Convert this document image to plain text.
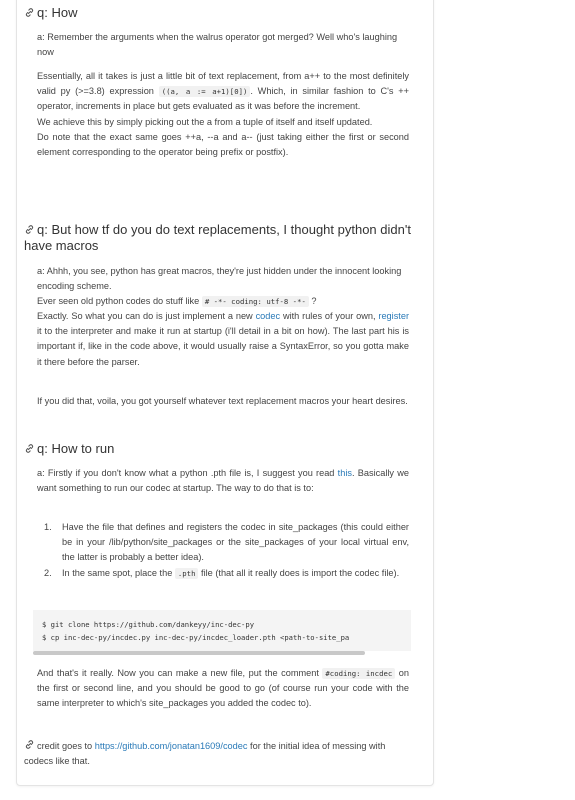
q: How
a: Remember the arguments when the walrus operator got merged? Well who's laughing now
Essentially, all it takes is just a little bit of text replacement, from a++ to the most definitely valid py (>=3.8) expression ((a, a := a+1)[0]) . Which, in similar fashion to C's ++ operator, increments in place but gets evaluated as it was before the increment.
We achieve this by simply picking out the a from a tuple of itself and itself updated.
Do note that the exact same goes ++a, --a and a-- (just taking either the first or second element corresponding to the operator being prefix or postfix).
q: But how tf do you do text replacements, I thought python didn't have macros
a: Ahhh, you see, python has great macros, they're just hidden under the innocent looking encoding scheme.
Ever seen old python codes do stuff like # -*- coding: utf-8 -*- ?

Exactly. So what you can do is just implement a new codec with rules of your own, register it to the interpreter and make it run at startup (i'll detail in a bit on how). The last part his is important if, like in the code above, it would usually raise a SyntaxError, so you gotta make it there before the parser.
If you did that, voila, you got yourself whatever text replacement macros your heart desires.
q: How to run
a: Firstly if you don't know what a python .pth file is, I suggest you read this. Basically we want something to run our codec at startup. The way to do that is to:
1. Have the file that defines and registers the codec in site_packages (this could either be in your /lib/python/site_packages or the site_packages of your local virtual env, the latter is probably a better idea).
2. In the same spot, place the .pth file (that all it really does is import the codec file).
$ git clone https://github.com/dankeyy/inc-dec-py
$ cp inc-dec-py/incdec.py inc-dec-py/incdec_loader.pth <path-to-site_pa
And that's it really. Now you can make a new file, put the comment #coding: incdec on the first or second line, and you should be good to go (of course run your code with the same interpreter to which's site_packages you added the codec to).
credit goes to https://github.com/jonatan1609/codec for the initial idea of messing with codecs like that.
